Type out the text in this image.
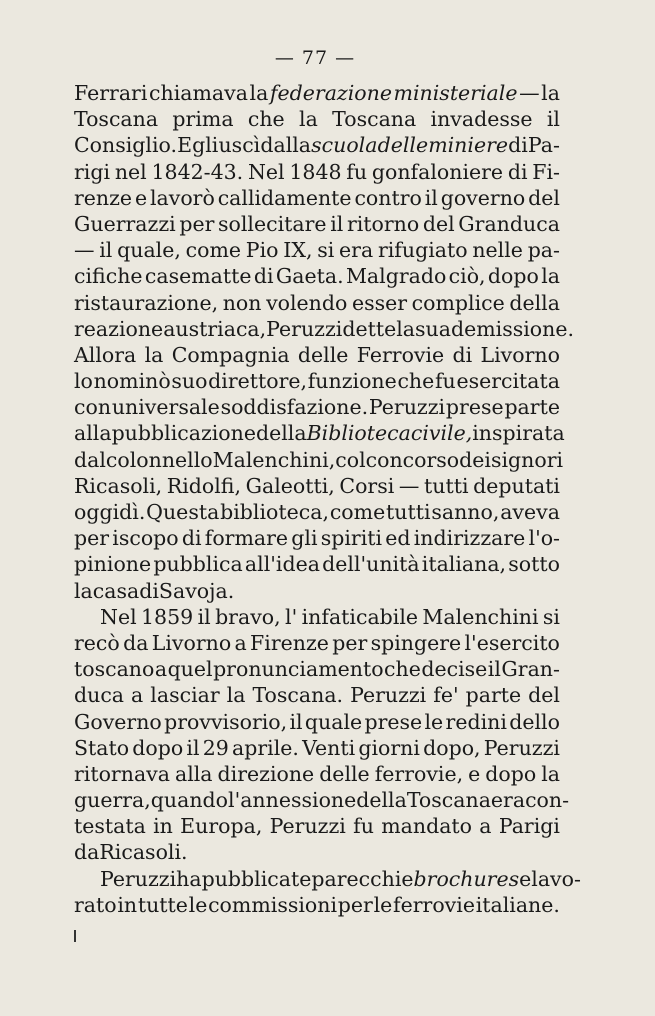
— 77 —
Ferrari chiamava la federazione ministeriale — la
Toscana prima che la Toscana invadesse il
Consiglio. Egli uscì dalla scuola delle miniere di Pa-
rigi nel 1842-43. Nel 1848 fu gonfaloniere di Fi-
renze e lavorò callidamente contro il governo del
Guerrazzi per sollecitare il ritorno del Granduca
— il quale, come Pio IX, si era rifugiato nelle pa-
cifiche casematte di Gaeta. Malgrado ciò, dopo la
ristaurazione, non volendo esser complice della
reazione austriaca, Peruzzi dette la sua demissione.
Allora la Compagnia delle Ferrovie di Livorno
lo nominò suo direttore, funzione che fu esercitata
con universale soddisfazione. Peruzzi prese parte
alla pubblicazione della Biblioteca civile, inspirata
dal colonnello Malenchini, col concorso dei signori
Ricasoli, Ridolfi, Galeotti, Corsi — tutti deputati
oggidì. Questa biblioteca, come tutti sanno, aveva
per iscopo di formare gli spiriti ed indirizzare l'o-
pinione pubblica all'idea dell'unità italiana, sotto
la casa di Savoja.
Nel 1859 il bravo, l' infaticabile Malenchini si
recò da Livorno a Firenze per spingere l'esercito
toscano a quel pronunciamento che decise il Gran-
duca a lasciar la Toscana. Peruzzi fe' parte del
Governo provvisorio, il quale prese le redini dello
Stato dopo il 29 aprile. Venti giorni dopo, Peruzzi
ritornava alla direzione delle ferrovie, e dopo la
guerra, quando l'annessione della Toscana era con-
testata in Europa, Peruzzi fu mandato a Parigi
da Ricasoli.
Peruzzi ha pubblicate parecchie brochures e lavo-
rato in tutte le commissioni per le ferrovie italiane.
